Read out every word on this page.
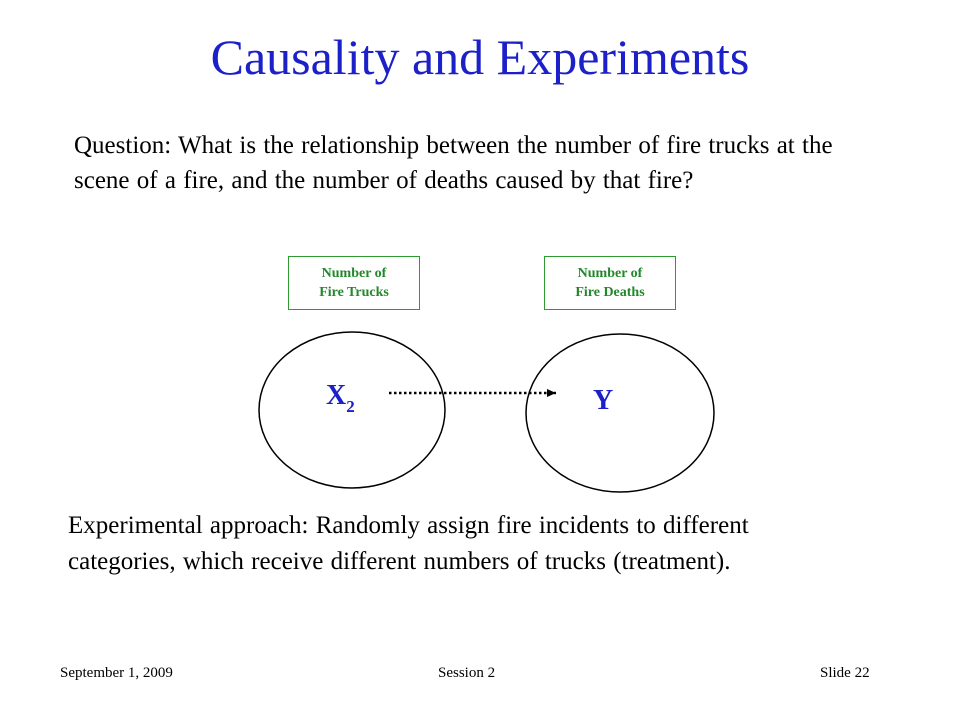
Causality and Experiments
Question: What is the relationship between the number of fire trucks at the scene of a fire, and the number of deaths caused by that fire?
Number of
Fire Trucks
Number of
Fire Deaths
$X_2$	Y
Experimental approach: Randomly assign fire incidents to different categories, which receive different numbers of trucks (treatment).
September 1, 2009	Session 2	Slide 22
